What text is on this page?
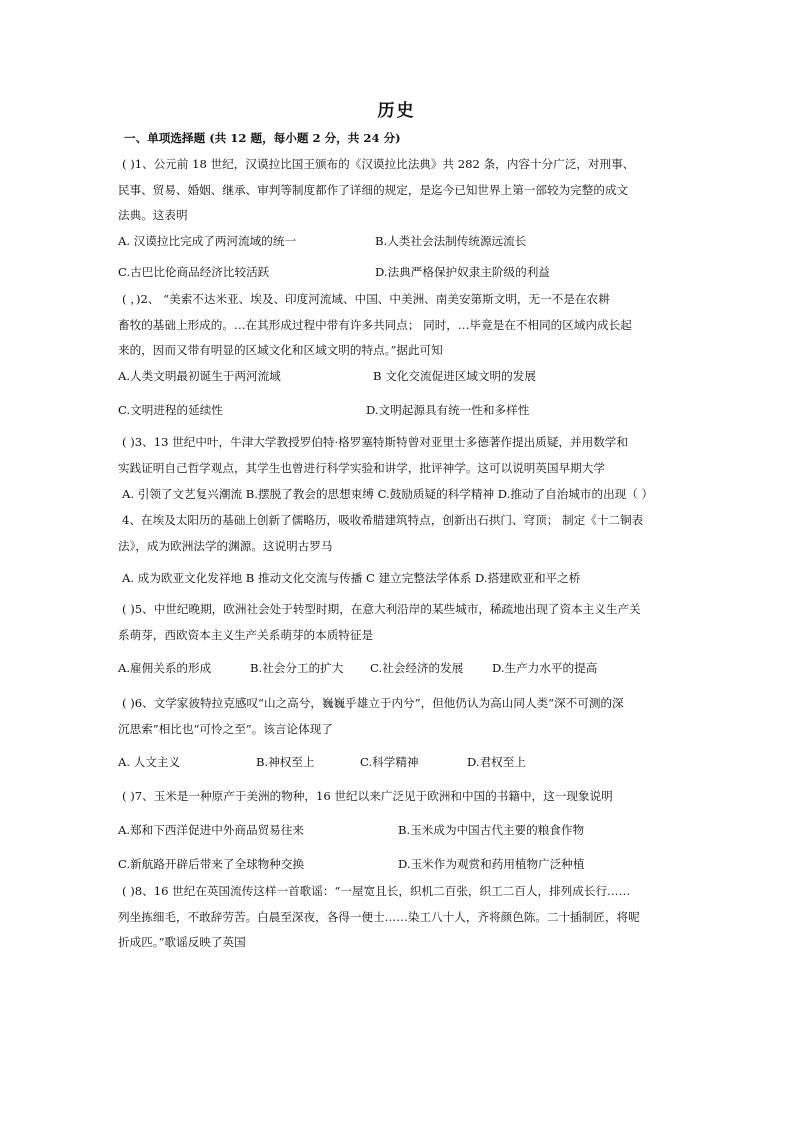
历史
一、单项选择题 (共 12 题，每小题 2 分，共 24 分)
( )1、公元前 18 世纪，汉谟拉比国王颁布的《汉谟拉比法典》共 282 条，内容十分广泛，对刑事、
民事、贸易、婚姻、继承、审判等制度都作了详细的规定，是迄今已知世界上第一部较为完整的成文
法典。这表明
A. 汉谟拉比完成了两河流域的统一	B.人类社会法制传统源远流长
C.古巴比伦商品经济比较活跃	D.法典严格保护奴隶主阶级的利益
( ，)2、 “美索不达米亚、埃及、印度河流域、中国、中美洲、南美安第斯文明，无一不是在农耕
畜牧的基础上形成的。…在其形成过程中带有许多共同点； 同时，…毕竟是在不相同的区域内成长起
来的，因而又带有明显的区域文化和区域文明的特点。”据此可知
A.人类文明最初诞生于两河流域	B 文化交流促进区域文明的发展
C.文明进程的延续性	D.文明起源具有统一性和多样性
( )3、13 世纪中叶，牛津大学教授罗伯特·格罗塞特斯特曾对亚里士多德著作提出质疑，并用数学和
实践证明自己哲学观点，其学生也曾进行科学实验和讲学，批评神学。这可以说明英国早期大学
A. 引领了文艺复兴潮流 B.摆脱了教会的思想束缚 C.鼓励质疑的科学精神 D.推动了自治城市的出现（ ）
4、在埃及太阳历的基础上创新了儒略历，吸收希腊建筑特点，创新出石拱门、穹顶； 制定《十二铜表
法》，成为欧洲法学的渊源。这说明古罗马
A. 成为欧亚文化发祥地 B 推动文化交流与传播 C 建立完整法学体系 D.搭建欧亚和平之桥
( )5、中世纪晚期，欧洲社会处于转型时期，在意大利沿岸的某些城市，稀疏地出现了资本主义生产关
系萌芽，西欧资本主义生产关系萌芽的本质特征是
A.雇佣关系的形成	B.社会分工的扩大 C.社会经济的发展 D.生产力水平的提高
( )6、文学家彼特拉克感叹“山之高兮，巍巍乎雄立于内兮”，但他仍认为高山同人类“深不可测的深
沉思索”相比也“可怜之至”。该言论体现了
A. 人文主义	B.神权至上	C.科学精神	D.君权至上
( )7、玉米是一种原产于美洲的物种，16 世纪以来广泛见于欧洲和中国的书籍中，这一现象说明
A.郑和下西洋促进中外商品贸易往来	B.玉米成为中国古代主要的粮食作物
C.新航路开辟后带来了全球物种交换	D.玉米作为观赏和药用植物广泛种植
( )8、16 世纪在英国流传这样一首歌谣：“一屋宽且长，织机二百张，织工二百人，排列成长行……
列坐拣细毛，不敢辞劳苦。白晨至深夜，各得一便士……染工八十人，齐将颜色陈。二十插制匠，将呢
折成匹。”歌谣反映了英国
